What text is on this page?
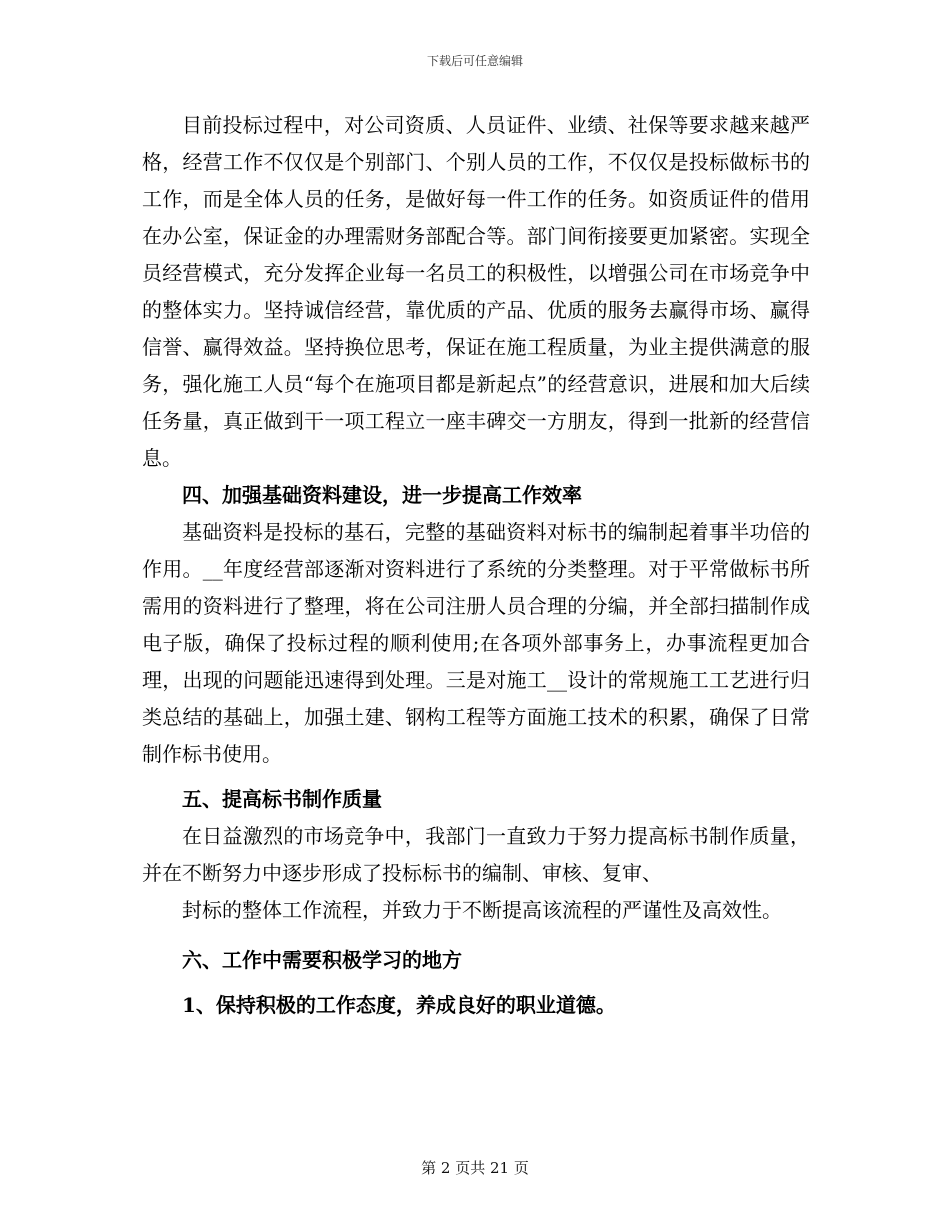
下载后可任意编辑

目前投标过程中，对公司资质、人员证件、业绩、社保等要求越来越严格，经营工作不仅仅是个别部门、个别人员的工作，不仅仅是投标做标书的工作，而是全体人员的任务，是做好每一件工作的任务。如资质证件的借用在办公室，保证金的办理需财务部配合等。部门间衔接要更加紧密。实现全员经营模式，充分发挥企业每一名员工的积极性，以增强公司在市场竞争中的整体实力。坚持诚信经营，靠优质的产品、优质的服务去赢得市场、赢得信誉、赢得效益。坚持换位思考，保证在施工程质量，为业主提供满意的服务，强化施工人员“每个在施项目都是新起点”的经营意识，进展和加大后续任务量，真正做到干一项工程立一座丰碑交一方朋友，得到一批新的经营信息。

四、加强基础资料建设，进一步提高工作效率

基础资料是投标的基石，完整的基础资料对标书的编制起着事半功倍的作用。__年度经营部逐渐对资料进行了系统的分类整理。对于平常做标书所需用的资料进行了整理，将在公司注册人员合理的分编，并全部扫描制作成电子版，确保了投标过程的顺利使用;在各项外部事务上，办事流程更加合理，出现的问题能迅速得到处理。三是对施工__设计的常规施工工艺进行归类总结的基础上，加强土建、钢构工程等方面施工技术的积累，确保了日常制作标书使用。

五、提高标书制作质量

在日益激烈的市场竞争中，我部门一直致力于努力提高标书制作质量，并在不断努力中逐步形成了投标标书的编制、审核、复审、

封标的整体工作流程，并致力于不断提高该流程的严谨性及高效性。

六、工作中需要积极学习的地方
1、保持积极的工作态度，养成良好的职业道德。
第 2 页共 21 页
